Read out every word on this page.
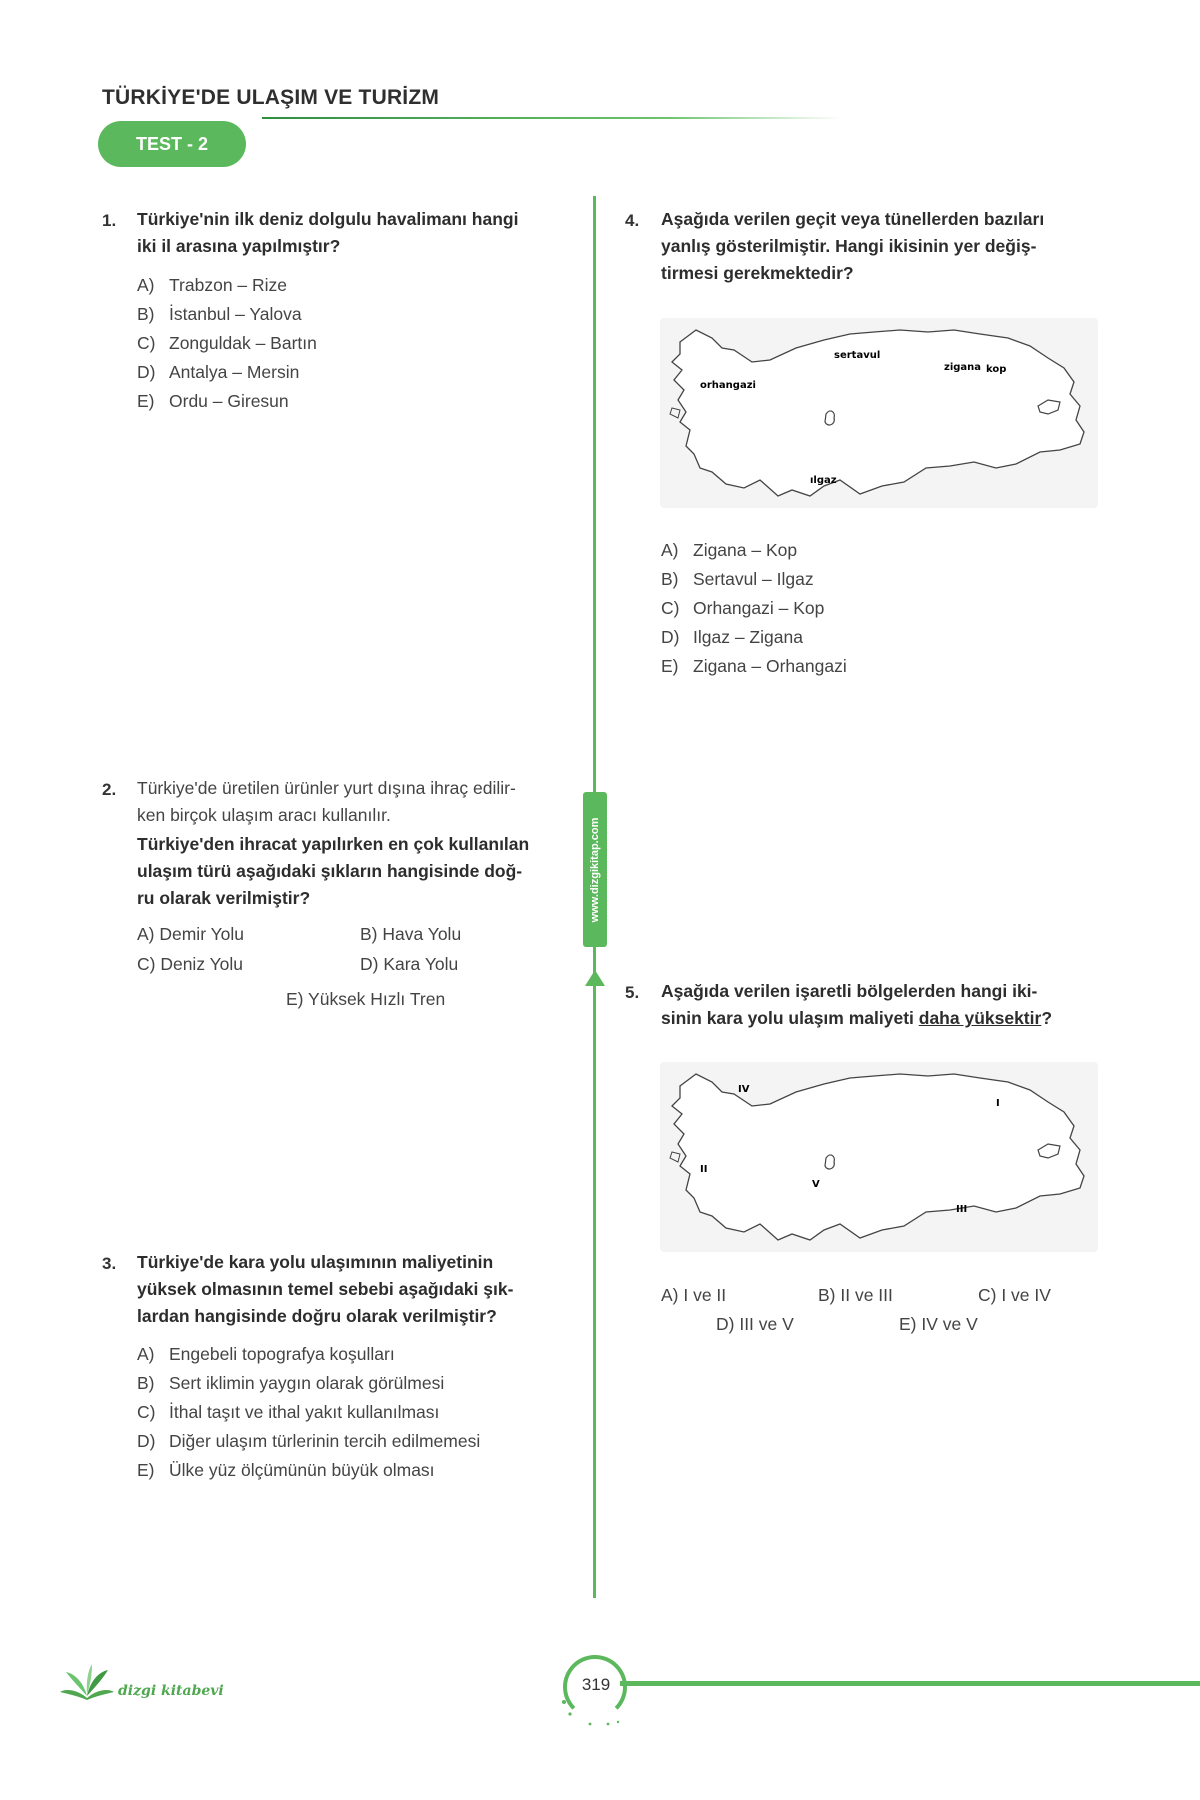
TÜRKİYE'DE ULAŞIM VE TURİZM
TEST - 2
www.dizgikitap.com
1. Türkiye'nin ilk deniz dolgulu havalimanı hangi
iki il arasına yapılmıştır?
A) Trabzon – Rize
B) İstanbul – Yalova
C) Zonguldak – Bartın
D) Antalya – Mersin
E) Ordu – Giresun
2. Türkiye'de üretilen ürünler yurt dışına ihraç edilir-
ken birçok ulaşım aracı kullanılır.
Türkiye'den ihracat yapılırken en çok kullanılan
ulaşım türü aşağıdaki şıkların hangisinde doğ-
ru olarak verilmiştir?
A) Demir Yolu	B) Hava Yolu
C) Deniz Yolu	D) Kara Yolu
E) Yüksek Hızlı Tren
3. Türkiye'de kara yolu ulaşımının maliyetinin
yüksek olmasının temel sebebi aşağıdaki şık-
lardan hangisinde doğru olarak verilmiştir?
A) Engebeli topografya koşulları
B) Sert iklimin yaygın olarak görülmesi
C) İthal taşıt ve ithal yakıt kullanılması
D) Diğer ulaşım türlerinin tercih edilmemesi
E) Ülke yüz ölçümünün büyük olması
4. Aşağıda verilen geçit veya tünellerden bazıları
yanlış gösterilmiştir. Hangi ikisinin yer değiş-
tirmesi gerekmektedir?
orhangazi
sertavul
zigana kop
ılgaz
A) Zigana – Kop
B) Sertavul – Ilgaz
C) Orhangazi – Kop
D) Ilgaz – Zigana
E) Zigana – Orhangazi
5. Aşağıda verilen işaretli bölgelerden hangi iki-
sinin kara yolu ulaşım maliyeti daha yüksektir?
I
II
III
IV
V
A) I ve II	B) II ve III	C) I ve IV
D) III ve V	E) IV ve V
dizgi kitabevi	319
